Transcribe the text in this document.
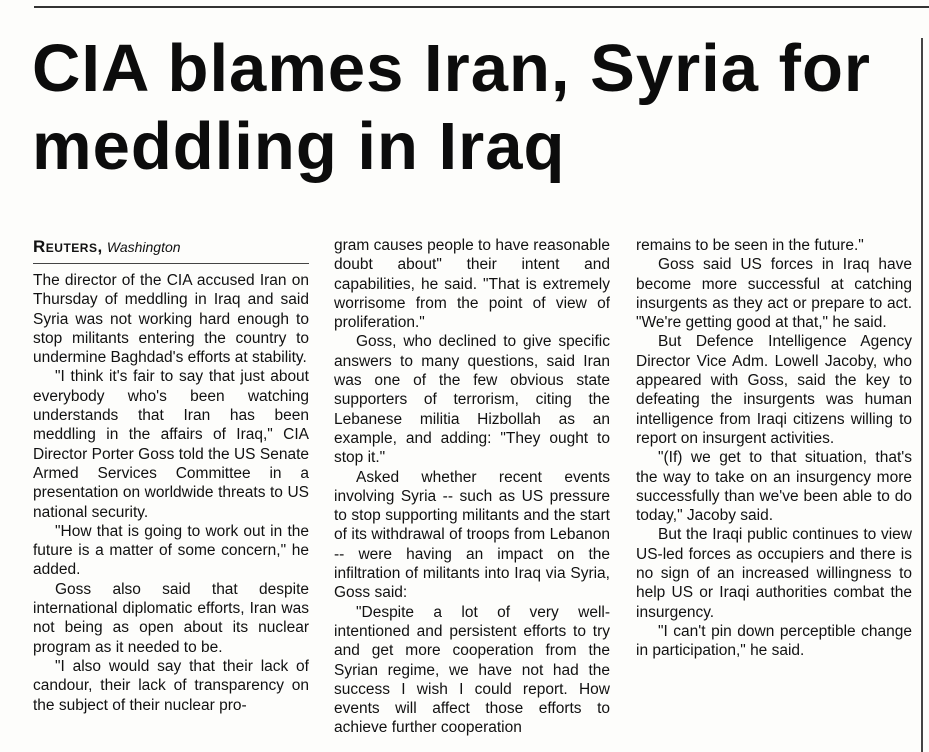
CIA blames Iran, Syria for meddling in Iraq
Reuters, Washington

The director of the CIA accused Iran on Thursday of meddling in Iraq and said Syria was not working hard enough to stop militants entering the country to undermine Baghdad's efforts at stability.

"I think it's fair to say that just about everybody who's been watching understands that Iran has been meddling in the affairs of Iraq," CIA Director Porter Goss told the US Senate Armed Services Committee in a presentation on worldwide threats to US national security.

"How that is going to work out in the future is a matter of some concern," he added.

Goss also said that despite international diplomatic efforts, Iran was not being as open about its nuclear program as it needed to be.

"I also would say that their lack of candour, their lack of transparency on the subject of their nuclear pro-

gram causes people to have reasonable doubt about" their intent and capabilities, he said. "That is extremely worrisome from the point of view of proliferation."

Goss, who declined to give specific answers to many questions, said Iran was one of the few obvious state supporters of terrorism, citing the Lebanese militia Hizbollah as an example, and adding: "They ought to stop it."

Asked whether recent events involving Syria -- such as US pressure to stop supporting militants and the start of its withdrawal of troops from Lebanon -- were having an impact on the infiltration of militants into Iraq via Syria, Goss said:

"Despite a lot of very well-intentioned and persistent efforts to try and get more cooperation from the Syrian regime, we have not had the success I wish I could report. How events will affect those efforts to achieve further cooperation

remains to be seen in the future."

Goss said US forces in Iraq have become more successful at catching insurgents as they act or prepare to act. "We're getting good at that," he said.

But Defence Intelligence Agency Director Vice Adm. Lowell Jacoby, who appeared with Goss, said the key to defeating the insurgents was human intelligence from Iraqi citizens willing to report on insurgent activities.

"(If) we get to that situation, that's the way to take on an insurgency more successfully than we've been able to do today," Jacoby said.

But the Iraqi public continues to view US-led forces as occupiers and there is no sign of an increased willingness to help US or Iraqi authorities combat the insurgency.

"I can't pin down perceptible change in participation," he said.
